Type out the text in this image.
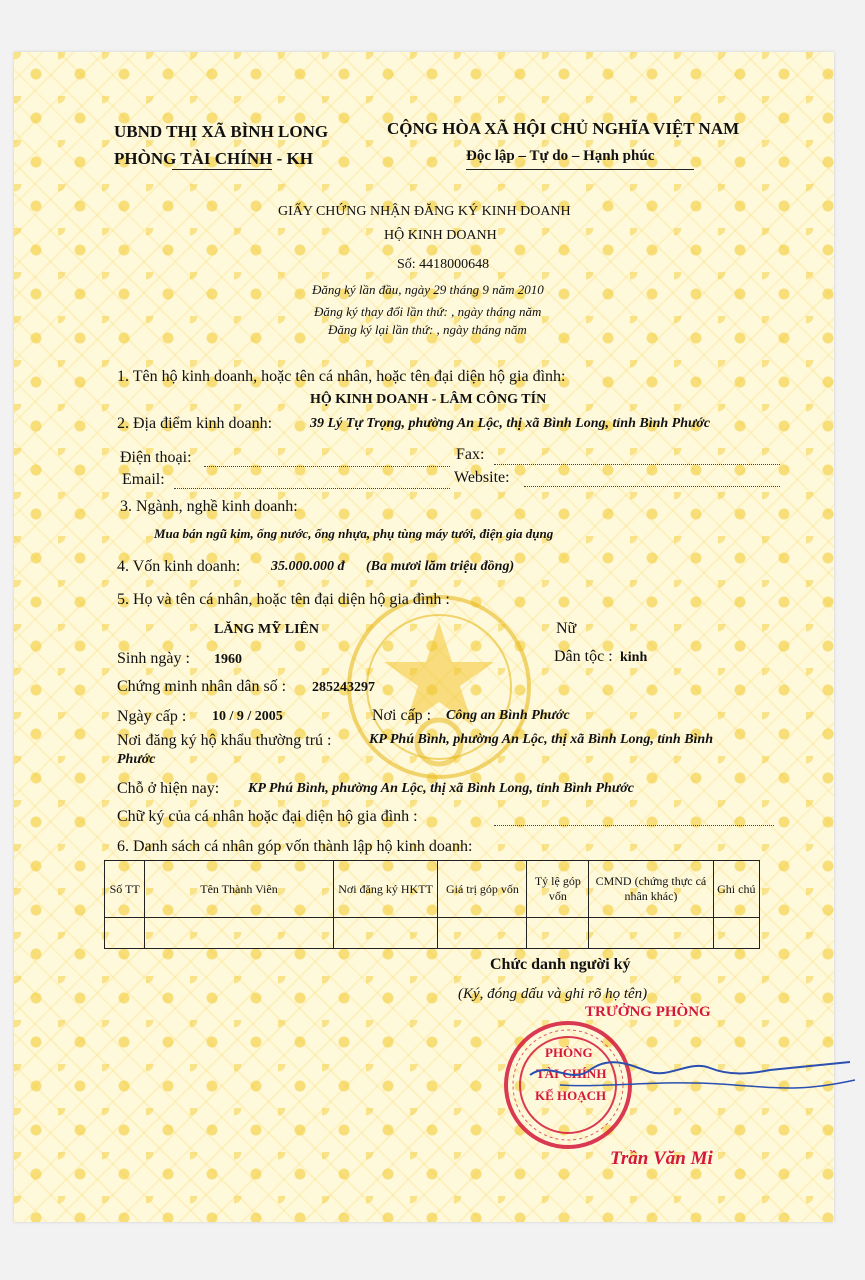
UBND THỊ XÃ BÌNH LONG
PHÒNG TÀI CHÍNH - KH
CỘNG HÒA XÃ HỘI CHỦ NGHĨA VIỆT NAM
Độc lập – Tự do – Hạnh phúc
GIẤY CHỨNG NHẬN ĐĂNG KÝ KINH DOANH
HỘ KINH DOANH
Số: 4418000648
Đăng ký lần đầu, ngày 29 tháng 9 năm 2010
Đăng ký thay đổi lần thứ: , ngày tháng năm
Đăng ký lại lần thứ: , ngày tháng năm
1. Tên hộ kinh doanh, hoặc tên cá nhân, hoặc tên đại diện hộ gia đình:
HỘ KINH DOANH - LÂM CÔNG TÍN
2. Địa điểm kinh doanh:	39 Lý Tự Trọng, phường An Lộc, thị xã Bình Long, tỉnh Bình Phước
Điện thoại:	Fax:
Email:	Website:
3. Ngành, nghề kinh doanh:
Mua bán ngũ kim, ống nước, ống nhựa, phụ tùng máy tưới, điện gia dụng
4. Vốn kinh doanh: 35.000.000 đ (Ba mươi lăm triệu đồng)
5. Họ và tên cá nhân, hoặc tên đại diện hộ gia đình :
LĂNG MỸ LIÊN	Nữ
Sinh ngày : 1960	Dân tộc : kinh
Chứng minh nhân dân số : 285243297
Ngày cấp : 10 / 9 / 2005	Nơi cấp : Công an Bình Phước
Nơi đăng ký hộ khẩu thường trú :	KP Phú Bình, phường An Lộc, thị xã Bình Long, tỉnh Bình
Phước
Chỗ ở hiện nay: KP Phú Bình, phường An Lộc, thị xã Bình Long, tỉnh Bình Phước
Chữ ký của cá nhân hoặc đại diện hộ gia đình :
6. Danh sách cá nhân góp vốn thành lập hộ kinh doanh:
Số TT	Tên Thành Viên	Nơi đăng ký HKTT	Giá trị góp vốn	Tỷ lệ góp vốn	CMND (chứng thực cá nhân khác)	Ghi chú

Chức danh người ký
(Ký, đóng dấu và ghi rõ họ tên)
TRƯỞNG PHÒNG
PHÒNG
TÀI CHÍNH
KẾ HOẠCH
Trần Văn Mi
